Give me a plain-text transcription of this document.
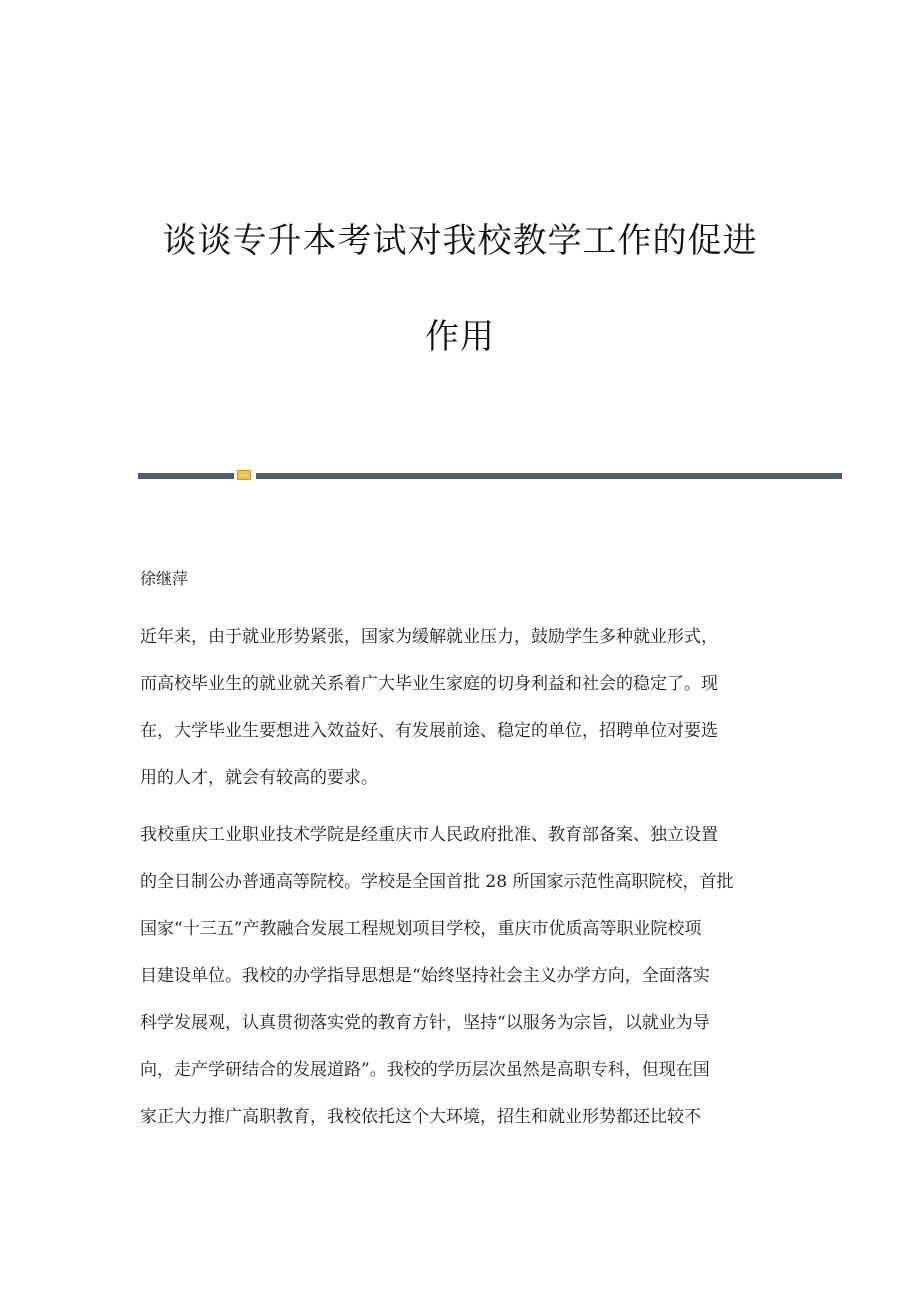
谈谈专升本考试对我校教学工作的促进
作用
徐继萍
近年来，由于就业形势紧张，国家为缓解就业压力，鼓励学生多种就业形式，
而高校毕业生的就业就关系着广大毕业生家庭的切身利益和社会的稳定了。现
在，大学毕业生要想进入效益好、有发展前途、稳定的单位，招聘单位对要选
用的人才，就会有较高的要求。
我校重庆工业职业技术学院是经重庆市人民政府批准、教育部备案、独立设置
的全日制公办普通高等院校。学校是全国首批 28 所国家示范性高职院校，首批
国家“十三五”产教融合发展工程规划项目学校，重庆市优质高等职业院校项
目建设单位。我校的办学指导思想是“始终坚持社会主义办学方向，全面落实
科学发展观，认真贯彻落实党的教育方针，坚持“以服务为宗旨，以就业为导
向，走产学研结合的发展道路”。我校的学历层次虽然是高职专科，但现在国
家正大力推广高职教育，我校依托这个大环境，招生和就业形势都还比较不
